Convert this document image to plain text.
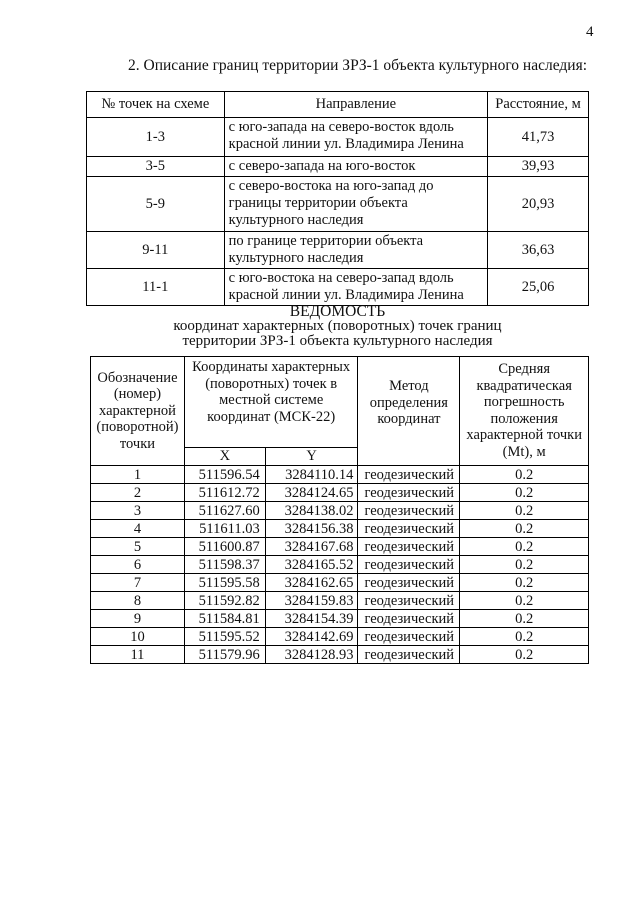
4
2. Описание границ территории ЗРЗ-1 объекта культурного наследия:
№ точек на схеме	Направление	Расстояние, м
1-3	с юго-запада на северо-восток вдоль красной линии ул. Владимира Ленина	41,73
3-5	с северо-запада на юго-восток	39,93
5-9	с северо-востока на юго-запад до границы территории объекта культурного наследия	20,93
9-11	по границе территории объекта культурного наследия	36,63
11-1	с юго-востока на северо-запад вдоль красной линии ул. Владимира Ленина	25,06
ВЕДОМОСТЬ
координат характерных (поворотных) точек границ
территории ЗРЗ-1 объекта культурного наследия
Обозначение (номер) характерной (поворотной) точки	Координаты характерных (поворотных) точек в местной системе координат (МСК-22)		Метод определения координат	Средняя квадратическая погрешность положения характерной точки (Mt), м
	X	Y		
1	511596.54	3284110.14	геодезический	0.2
2	511612.72	3284124.65	геодезический	0.2
3	511627.60	3284138.02	геодезический	0.2
4	511611.03	3284156.38	геодезический	0.2
5	511600.87	3284167.68	геодезический	0.2
6	511598.37	3284165.52	геодезический	0.2
7	511595.58	3284162.65	геодезический	0.2
8	511592.82	3284159.83	геодезический	0.2
9	511584.81	3284154.39	геодезический	0.2
10	511595.52	3284142.69	геодезический	0.2
11	511579.96	3284128.93	геодезический	0.2
